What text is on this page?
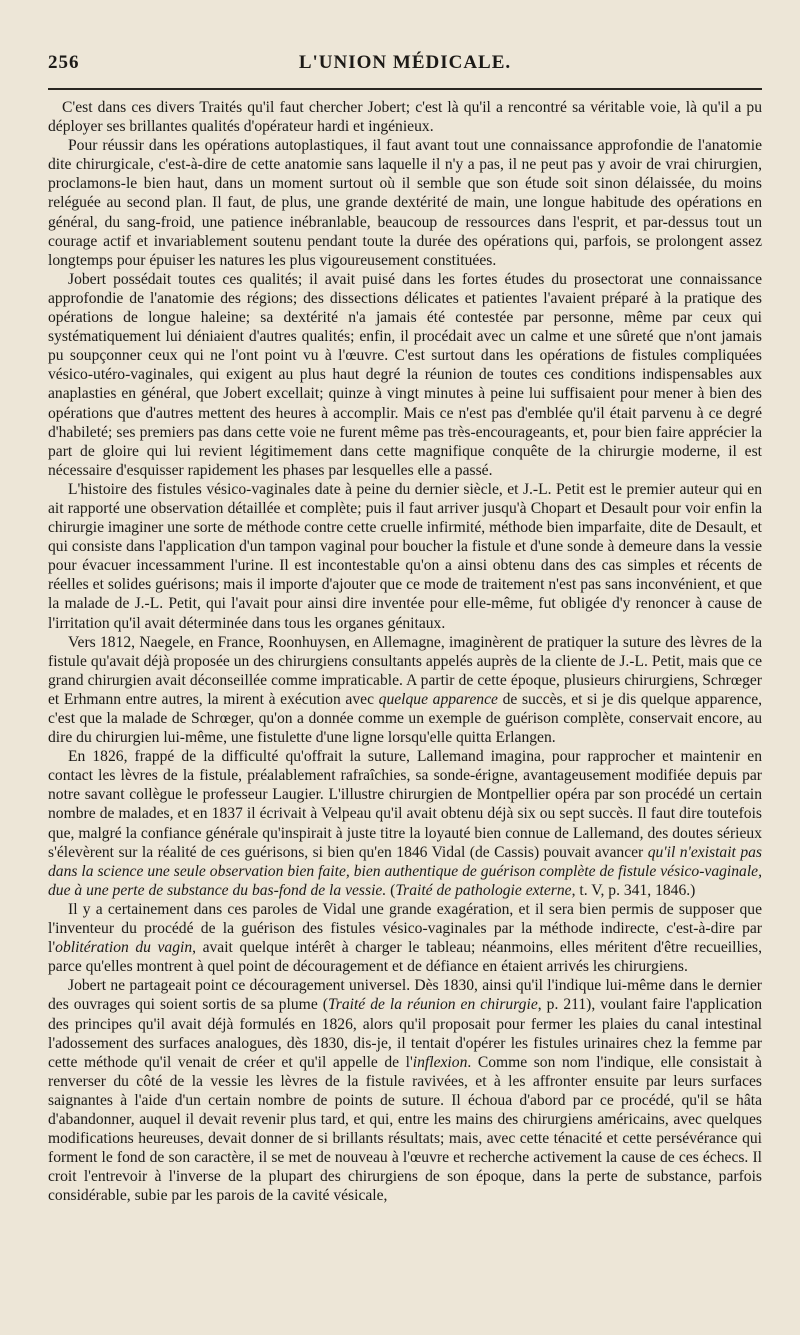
256	L'UNION MÉDICALE.

C'est dans ces divers Traités qu'il faut chercher Jobert; c'est là qu'il a rencontré sa véritable voie, là qu'il a pu déployer ses brillantes qualités d'opérateur hardi et ingénieux.

Pour réussir dans les opérations autoplastiques, il faut avant tout une connaissance approfondie de l'anatomie dite chirurgicale, c'est-à-dire de cette anatomie sans laquelle il n'y a pas, il ne peut pas y avoir de vrai chirurgien, proclamons-le bien haut, dans un moment surtout où il semble que son étude soit sinon délaissée, du moins reléguée au second plan. Il faut, de plus, une grande dextérité de main, une longue habitude des opérations en général, du sang-froid, une patience inébranlable, beaucoup de ressources dans l'esprit, et par-dessus tout un courage actif et invariablement soutenu pendant toute la durée des opérations qui, parfois, se prolongent assez longtemps pour épuiser les natures les plus vigoureusement constituées.

Jobert possédait toutes ces qualités; il avait puisé dans les fortes études du prosectorat une connaissance approfondie de l'anatomie des régions; des dissections délicates et patientes l'avaient préparé à la pratique des opérations de longue haleine; sa dextérité n'a jamais été contestée par personne, même par ceux qui systématiquement lui déniaient d'autres qualités; enfin, il procédait avec un calme et une sûreté que n'ont jamais pu soupçonner ceux qui ne l'ont point vu à l'œuvre. C'est surtout dans les opérations de fistules compliquées vésico-utéro-vaginales, qui exigent au plus haut degré la réunion de toutes ces conditions indispensables aux anaplasties en général, que Jobert excellait; quinze à vingt minutes à peine lui suffisaient pour mener à bien des opérations que d'autres mettent des heures à accomplir. Mais ce n'est pas d'emblée qu'il était parvenu à ce degré d'habileté; ses premiers pas dans cette voie ne furent même pas très-encourageants, et, pour bien faire apprécier la part de gloire qui lui revient légitimement dans cette magnifique conquête de la chirurgie moderne, il est nécessaire d'esquisser rapidement les phases par lesquelles elle a passé.

L'histoire des fistules vésico-vaginales date à peine du dernier siècle, et J.-L. Petit est le premier auteur qui en ait rapporté une observation détaillée et complète; puis il faut arriver jusqu'à Chopart et Desault pour voir enfin la chirurgie imaginer une sorte de méthode contre cette cruelle infirmité, méthode bien imparfaite, dite de Desault, et qui consiste dans l'application d'un tampon vaginal pour boucher la fistule et d'une sonde à demeure dans la vessie pour évacuer incessamment l'urine. Il est incontestable qu'on a ainsi obtenu dans des cas simples et récents de réelles et solides guérisons; mais il importe d'ajouter que ce mode de traitement n'est pas sans inconvénient, et que la malade de J.-L. Petit, qui l'avait pour ainsi dire inventée pour elle-même, fut obligée d'y renoncer à cause de l'irritation qu'il avait déterminée dans tous les organes génitaux.

Vers 1812, Naegele, en France, Roonhuysen, en Allemagne, imaginèrent de pratiquer la suture des lèvres de la fistule qu'avait déjà proposée un des chirurgiens consultants appelés auprès de la cliente de J.-L. Petit, mais que ce grand chirurgien avait déconseillée comme impraticable. A partir de cette époque, plusieurs chirurgiens, Schrœger et Erhmann entre autres, la mirent à exécution avec quelque apparence de succès, et si je dis quelque apparence, c'est que la malade de Schrœger, qu'on a donnée comme un exemple de guérison complète, conservait encore, au dire du chirurgien lui-même, une fistulette d'une ligne lorsqu'elle quitta Erlangen.

En 1826, frappé de la difficulté qu'offrait la suture, Lallemand imagina, pour rapprocher et maintenir en contact les lèvres de la fistule, préalablement rafraîchies, sa sonde-érigne, avantageusement modifiée depuis par notre savant collègue le professeur Laugier. L'illustre chirurgien de Montpellier opéra par son procédé un certain nombre de malades, et en 1837 il écrivait à Velpeau qu'il avait obtenu déjà six ou sept succès. Il faut dire toutefois que, malgré la confiance générale qu'inspirait à juste titre la loyauté bien connue de Lallemand, des doutes sérieux s'élevèrent sur la réalité de ces guérisons, si bien qu'en 1846 Vidal (de Cassis) pouvait avancer qu'il n'existait pas dans la science une seule observation bien faite, bien authentique de guérison complète de fistule vésico-vaginale, due à une perte de substance du bas-fond de la vessie. (Traité de pathologie externe, t. V, p. 341, 1846.)

Il y a certainement dans ces paroles de Vidal une grande exagération, et il sera bien permis de supposer que l'inventeur du procédé de la guérison des fistules vésico-vaginales par la méthode indirecte, c'est-à-dire par l'oblitération du vagin, avait quelque intérêt à charger le tableau; néanmoins, elles méritent d'être recueillies, parce qu'elles montrent à quel point de découragement et de défiance en étaient arrivés les chirurgiens.

Jobert ne partageait point ce découragement universel. Dès 1830, ainsi qu'il l'indique lui-même dans le dernier des ouvrages qui soient sortis de sa plume (Traité de la réunion en chirurgie, p. 211), voulant faire l'application des principes qu'il avait déjà formulés en 1826, alors qu'il proposait pour fermer les plaies du canal intestinal l'adossement des surfaces analogues, dès 1830, dis-je, il tentait d'opérer les fistules urinaires chez la femme par cette méthode qu'il venait de créer et qu'il appelle de l'inflexion. Comme son nom l'indique, elle consistait à renverser du côté de la vessie les lèvres de la fistule ravivées, et à les affronter ensuite par leurs surfaces saignantes à l'aide d'un certain nombre de points de suture. Il échoua d'abord par ce procédé, qu'il se hâta d'abandonner, auquel il devait revenir plus tard, et qui, entre les mains des chirurgiens américains, avec quelques modifications heureuses, devait donner de si brillants résultats; mais, avec cette ténacité et cette persévérance qui forment le fond de son caractère, il se met de nouveau à l'œuvre et recherche activement la cause de ces échecs. Il croit l'entrevoir à l'inverse de la plupart des chirurgiens de son époque, dans la perte de substance, parfois considérable, subie par les parois de la cavité vésicale,
